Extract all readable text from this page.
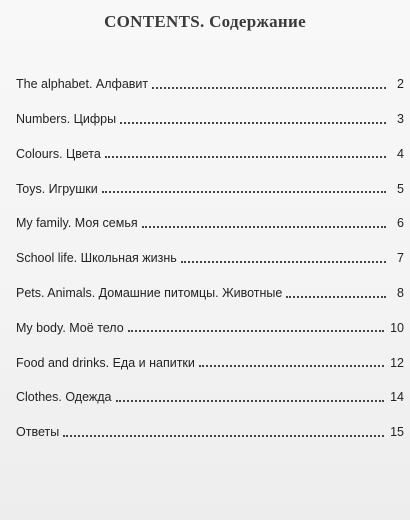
CONTENTS. Содержание
The alphabet. Алфавит	2
Numbers. Цифры	3
Colours. Цвета	4
Toys. Игрушки	5
My family. Моя семья	6
School life. Школьная жизнь	7
Pets. Animals. Домашние питомцы. Животные	8
My body. Моё тело	10
Food and drinks. Еда и напитки	12
Clothes. Одежда	14
Ответы	15
